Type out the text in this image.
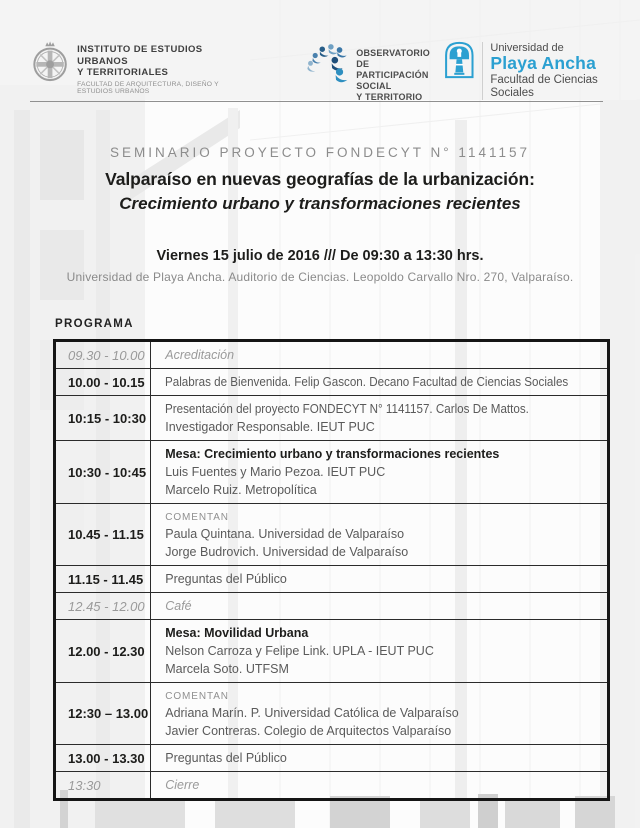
INSTITUTO DE ESTUDIOS URBANOS
Y TERRITORIALES
FACULTAD DE ARQUITECTURA, DISEÑO Y ESTUDIOS URBANOS
OBSERVATORIO DE
PARTICIPACIÓN SOCIAL
Y TERRITORIO
Universidad de
Playa Ancha
Facultad de Ciencias Sociales
SEMINARIO PROYECTO FONDECYT N° 1141157
Valparaíso en nuevas geografías de la urbanización:
Crecimiento urbano y transformaciones recientes
Viernes 15 julio de 2016 /// De 09:30 a 13:30 hrs.
Universidad de Playa Ancha. Auditorio de Ciencias. Leopoldo Carvallo Nro. 270, Valparaíso.
PROGRAMA
09.30 - 10.00	Acreditación

10.00 - 10.15	Palabras de Bienvenida. Felip Gascon. Decano Facultad de Ciencias Sociales

10:15 - 10:30	Presentación del proyecto FONDECYT N° 1141157. Carlos De Mattos.
Investigador Responsable. IEUT PUC

10:30 - 10:45	Mesa: Crecimiento urbano y transformaciones recientes
Luis Fuentes y Mario Pezoa. IEUT PUC
Marcelo Ruiz. Metropolítica

10.45 - 11.15	COMENTAN
Paula Quintana. Universidad de Valparaíso
Jorge Budrovich. Universidad de Valparaíso

11.15 - 11.45	Preguntas del Público

12.45 - 12.00	Café

12.00 - 12.30	Mesa: Movilidad Urbana
Nelson Carroza y Felipe Link. UPLA - IEUT PUC
Marcela Soto. UTFSM

12:30 – 13.00	COMENTAN
Adriana Marín. P. Universidad Católica de Valparaíso
Javier Contreras. Colegio de Arquitectos Valparaíso

13.00 - 13.30	Preguntas del Público

13:30	Cierre
